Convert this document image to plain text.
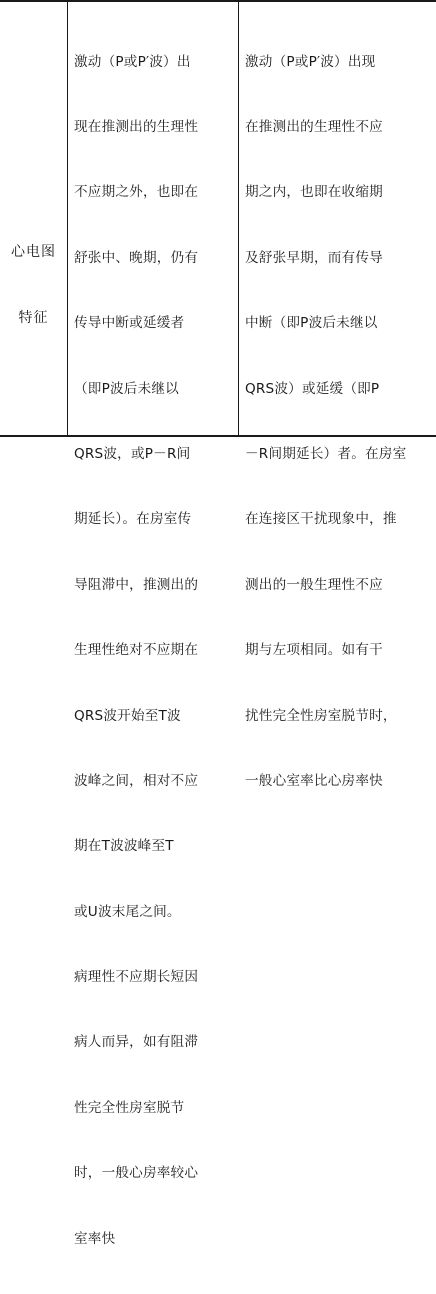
心电图

特征

激动（P或P′波）出

现在推测出的生理性

不应期之外，也即在

舒张中、晚期，仍有

传导中断或延缓者

（即P波后未继以

QRS波，或P－R间

期延长）。在房室传

导阻滞中，推测出的

生理性绝对不应期在

QRS波开始至T波

波峰之间，相对不应

期在T波波峰至T

或U波末尾之间。

病理性不应期长短因

病人而异，如有阻滞

性完全性房室脱节

时，一般心房率较心

室率快

激动（P或P′波）出现

在推测出的生理性不应

期之内，也即在收缩期

及舒张早期，而有传导

中断（即P波后未继以

QRS波）或延缓（即P

－R间期延长）者。在房室

在连接区干扰现象中，推

测出的一般生理性不应

期与左项相同。如有干

扰性完全性房室脱节时，

一般心室率比心房率快
